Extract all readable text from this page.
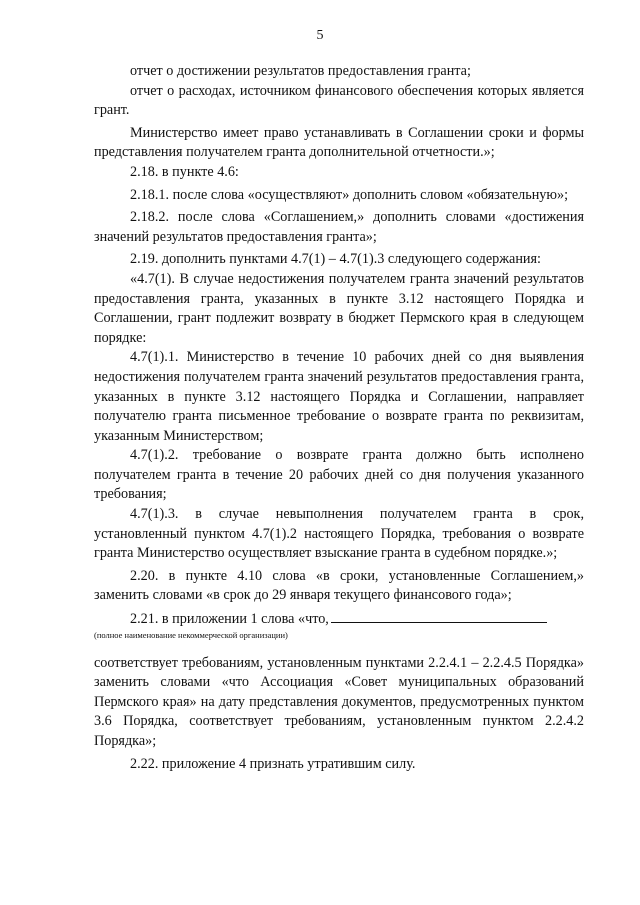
5

отчет о достижении результатов предоставления гранта;

отчет о расходах, источником финансового обеспечения которых является грант.

Министерство имеет право устанавливать в Соглашении сроки и формы представления получателем гранта дополнительной отчетности.»;

2.18. в пункте 4.6:

2.18.1. после слова «осуществляют» дополнить словом «обязательную»;

2.18.2. после слова «Соглашением,» дополнить словами «достижения значений результатов предоставления гранта»;

2.19. дополнить пунктами 4.7(1) – 4.7(1).3 следующего содержания:

«4.7(1). В случае недостижения получателем гранта значений результатов предоставления гранта, указанных в пункте 3.12 настоящего Порядка и Соглашении, грант подлежит возврату в бюджет Пермского края в следующем порядке:

4.7(1).1. Министерство в течение 10 рабочих дней со дня выявления недостижения получателем гранта значений результатов предоставления гранта, указанных в пункте 3.12 настоящего Порядка и Соглашении, направляет получателю гранта письменное требование о возврате гранта по реквизитам, указанным Министерством;

4.7(1).2. требование о возврате гранта должно быть исполнено получателем гранта в течение 20 рабочих дней со дня получения указанного требования;

4.7(1).3. в случае невыполнения получателем гранта в срок, установленный пунктом 4.7(1).2 настоящего Порядка, требования о возврате гранта Министерство осуществляет взыскание гранта в судебном порядке.»;

2.20. в пункте 4.10 слова «в сроки, установленные Соглашением,» заменить словами «в срок до 29 января текущего финансового года»;

2.21. в приложении 1 слова «что,

(полное наименование некоммерческой организации)

соответствует требованиям, установленным пунктами 2.2.4.1 – 2.2.4.5 Порядка» заменить словами «что Ассоциация «Совет муниципальных образований Пермского края» на дату представления документов, предусмотренных пунктом 3.6 Порядка, соответствует требованиям, установленным пунктом 2.2.4.2 Порядка»;

2.22. приложение 4 признать утратившим силу.
